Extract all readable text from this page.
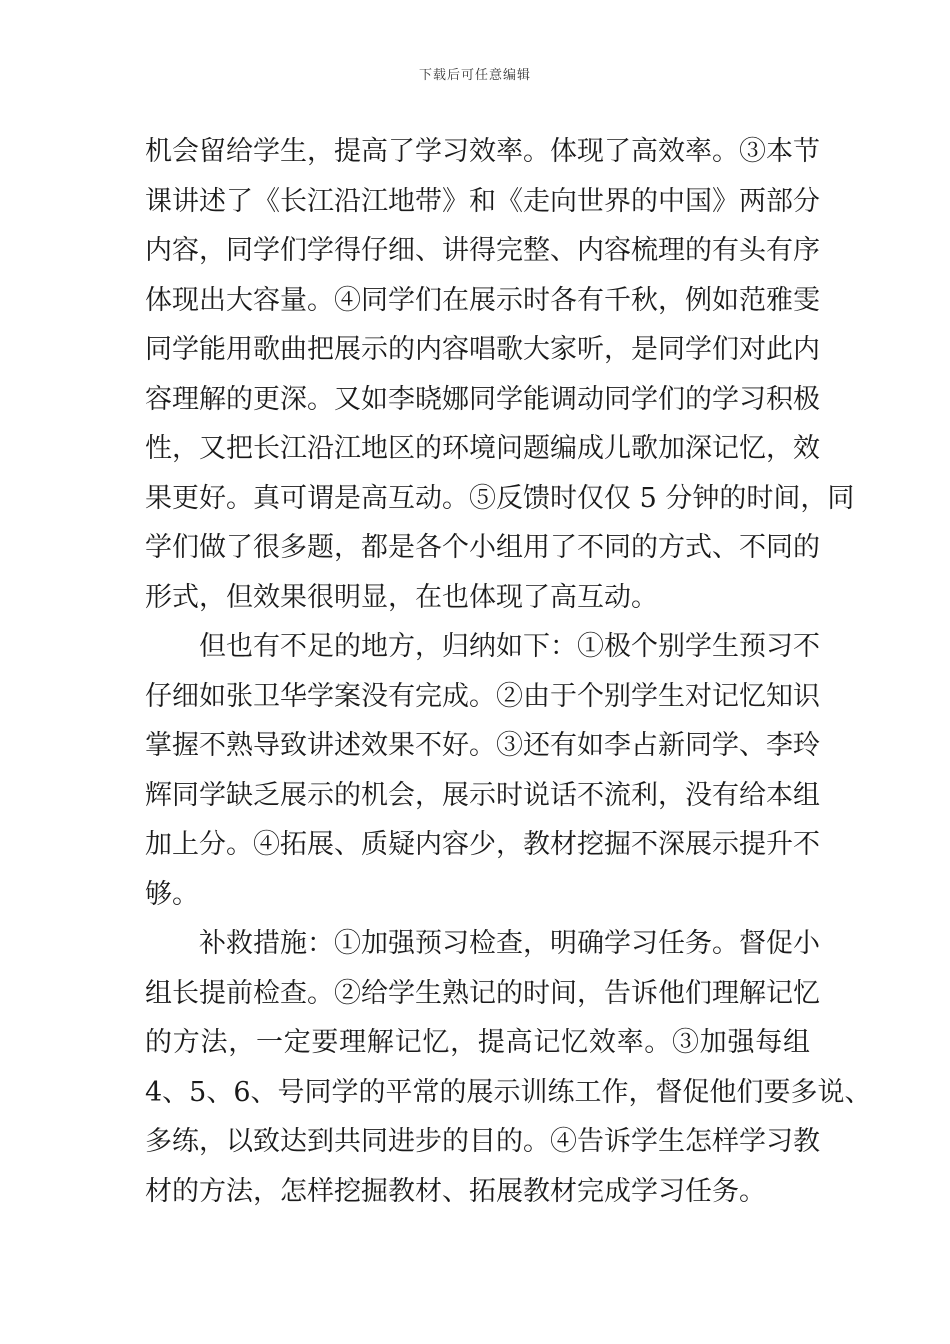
下载后可任意编辑
机会留给学生，提高了学习效率。体现了高效率。③本节
课讲述了《长江沿江地带》和《走向世界的中国》两部分
内容，同学们学得仔细、讲得完整、内容梳理的有头有序
体现出大容量。④同学们在展示时各有千秋，例如范雅雯
同学能用歌曲把展示的内容唱歌大家听，是同学们对此内
容理解的更深。又如李晓娜同学能调动同学们的学习积极
性，又把长江沿江地区的环境问题编成儿歌加深记忆，效
果更好。真可谓是高互动。⑤反馈时仅仅 5 分钟的时间，同
学们做了很多题，都是各个小组用了不同的方式、不同的
形式，但效果很明显，在也体现了高互动。
但也有不足的地方，归纳如下：①极个别学生预习不
仔细如张卫华学案没有完成。②由于个别学生对记忆知识
掌握不熟导致讲述效果不好。③还有如李占新同学、李玲
辉同学缺乏展示的机会，展示时说话不流利，没有给本组
加上分。④拓展、质疑内容少，教材挖掘不深展示提升不
够。
补救措施：①加强预习检查，明确学习任务。督促小
组长提前检查。②给学生熟记的时间，告诉他们理解记忆
的方法，一定要理解记忆，提高记忆效率。③加强每组
4、5、6、号同学的平常的展示训练工作，督促他们要多说、
多练，以致达到共同进步的目的。④告诉学生怎样学习教
材的方法，怎样挖掘教材、拓展教材完成学习任务。
